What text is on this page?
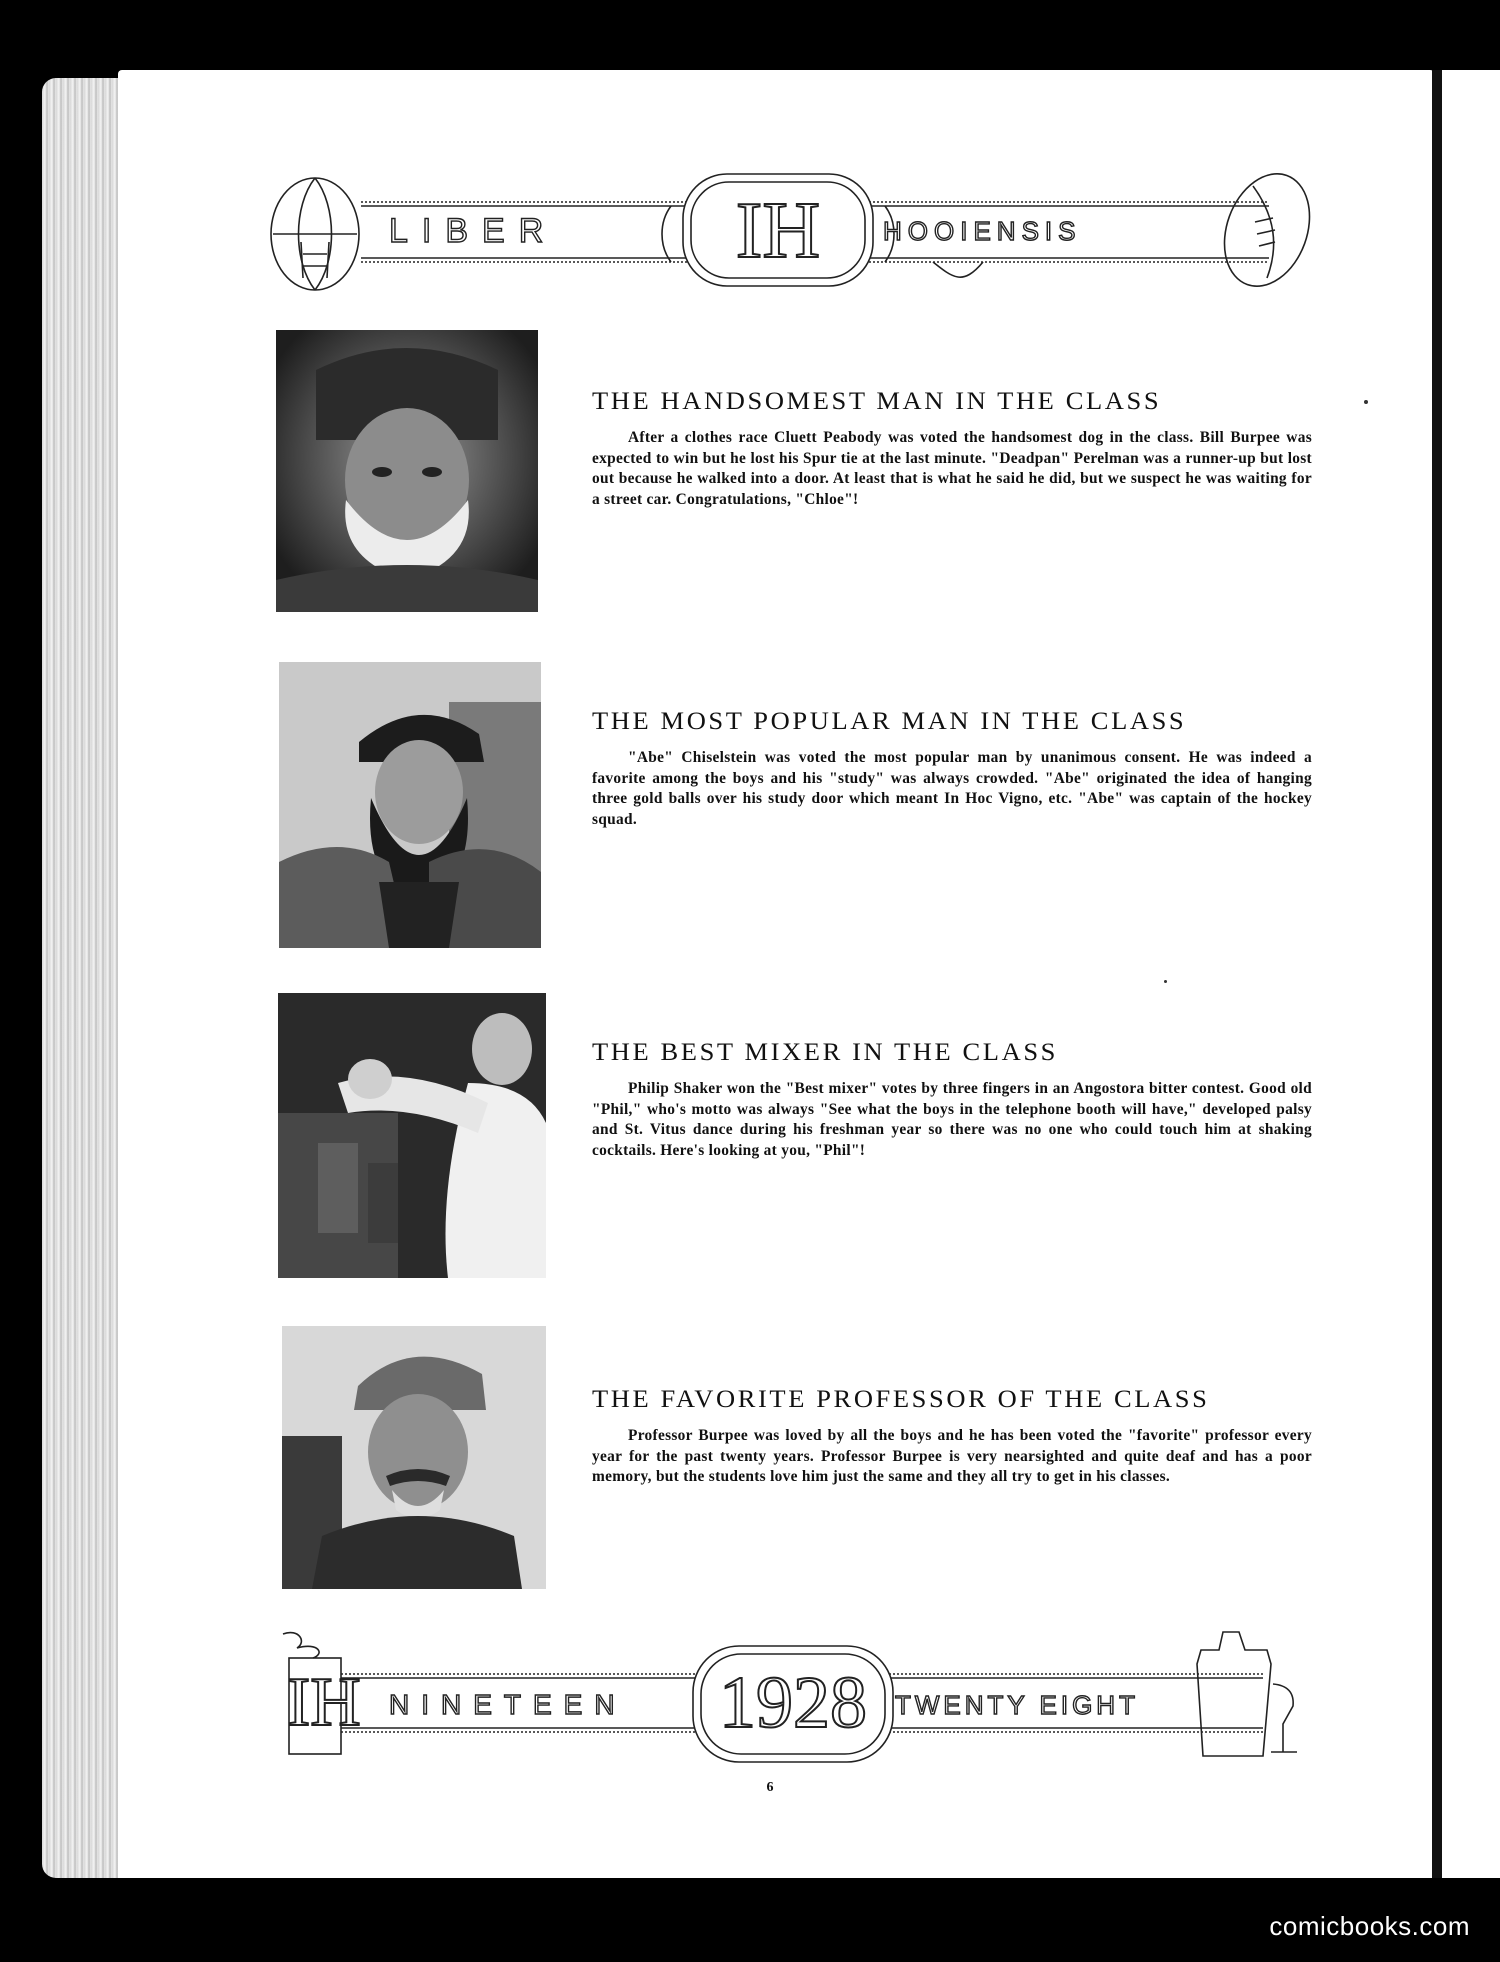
LIBER	IH	HOOIENSIS
THE HANDSOMEST MAN IN THE CLASS

After a clothes race Cluett Peabody was voted the handsomest dog in the class. Bill Burpee was expected to win but he lost his Spur tie at the last minute. "Deadpan" Perelman was a runner-up but lost out because he walked into a door. At least that is what he said he did, but we suspect he was waiting for a street car. Congratulations, "Chloe"!

THE MOST POPULAR MAN IN THE CLASS

"Abe" Chiselstein was voted the most popular man by unanimous consent. He was indeed a favorite among the boys and his "study" was always crowded. "Abe" originated the idea of hanging three gold balls over his study door which meant In Hoc Vigno, etc. "Abe" was captain of the hockey squad.

THE BEST MIXER IN THE CLASS

Philip Shaker won the "Best mixer" votes by three fingers in an Angostora bitter contest. Good old "Phil," who's motto was always "See what the boys in the telephone booth will have," developed palsy and St. Vitus dance during his freshman year so there was no one who could touch him at shaking cocktails. Here's looking at you, "Phil"!

THE FAVORITE PROFESSOR OF THE CLASS

Professor Burpee was loved by all the boys and he has been voted the "favorite" professor every year for the past twenty years. Professor Burpee is very nearsighted and quite deaf and has a poor memory, but the students love him just the same and they all try to get in his classes.

IH NINETEEN 1928	TWENTY EIGHT
6
comicbooks.com
